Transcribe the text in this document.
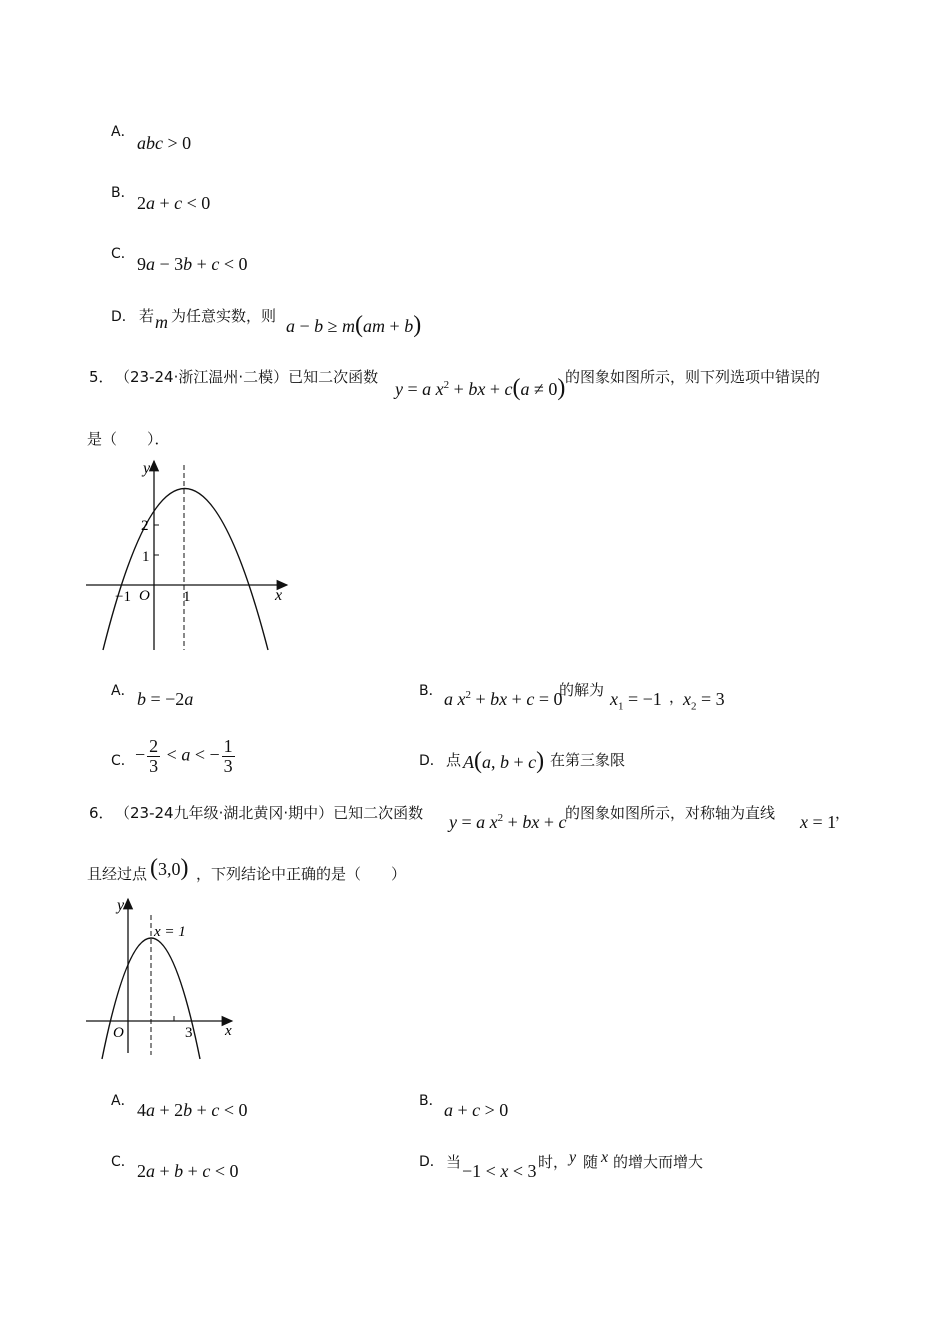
A．
abc > 0
B． 2a + c < 0
C． 9a − 3b + c < 0
D． 若 m 为任意实数，则 a − b ≥ m(am + b)
5． （23-24·浙江温州·二模）已知二次函数
y = a $x^2$ + bx + c(a ≠ 0) 的图象如图所示，则下列选项中错误的
是（　　）．
y
x
O
2
1
−1	1
A． b = −2a	B． a $x^2$ + bx + c = 0
的解为 $x_1 = -1$ ，
$x_2 = 3$
C． − $\frac{2}{3} < a$ < − $\frac{1}{3}$	D． 点 A(a, b + c) 在第三象限
6． （23-24九年级·湖北黄冈·期中）已知二次函数 y = a $x^2$ + bx + c
的图象如图所示，对称轴为直线 x = 1
，
且经过点 (3,0) ，下列结论中正确的是（　　）
y
x
O
x = 1
3
A． 4a + 2b + c < 0	B． a + c > 0
C． 2a + b + c < 0	D． 当 −1 < x < 3 时， y 随 x 的增大而增大
